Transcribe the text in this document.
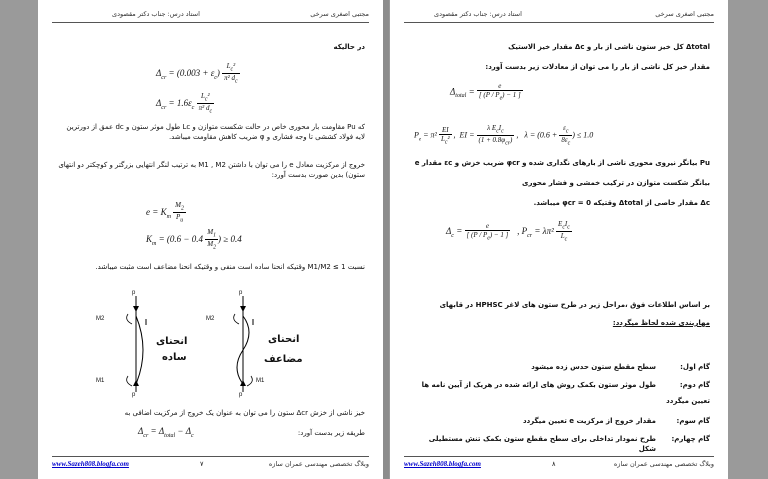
مجتبی اصغری سرخی
استاد درس: جناب دکتر مقصودی
در حالیکه
$\Delta_{cr} = (0.003 + \varepsilon_c) \frac{L_c^2}{\pi^2 d_c}$
$\Delta_{cr} = 1.6\varepsilon_c \frac{L_c^2}{\pi^2 d_c}$
که Pu مقاومت بار محوری خاص در حالت شکست متوازن و Lc طول موثر ستون و dc عمق از دورترین لایه فولاد کششی تا وجه فشاری و φ ضریب کاهش مقاومت میباشد.
خروج از مرکزیت معادل e را می توان با داشتن M1 , M2 به ترتیب لنگر انتهایی بزرگتر و کوچکتر دو انتهای ستون) بدین صورت بدست آورد:
$e = K_m \frac{M_2}{P_u}$
$K_m = (0.6 - 0.4 \frac{M_1}{M_2}$ ) ≥ 0.4
نسبت M1/M2 ≤ 1 وقتیکه انحنا ساده است منفی و وقتیکه انحنا مضاعف است مثبت میباشد.
p
p
M2
M1
انحنای
ساده
p
p
M2
M1
انحنای
مضاعف
خیز ناشی از خزش Δcr ستون را می توان به عنوان یک خروج از مرکزیت اضافی به
طریقه زیر بدست آورد:
$\Delta_{cr} = \Delta_{total} - \Delta_c$
www.Sazeh808.blogfa.com	۷	وبلاگ تخصصی مهندسی عمران سازه
مجتبی اصغری سرخی
استاد درس: جناب دکتر مقصودی
Δtotal کل خیز ستون ناشی از بار و Δc مقدار خیز الاستیک
مقدار خیز کل ناشی از بار را می توان از معادلات زیر بدست آورد:
$\Delta_{total} = \frac{e}{[ (P / P_e) - 1 ]}$
$P_e = \pi^2 \frac{EI}{L_c^2}$ ,  EI = $\frac{\lambda E_cI_c}{(1 + 0.8\varphi_{cr})}$ ,   $\lambda = (0.6 + \frac{\varepsilon_c}{8\varepsilon_c}$ ) ≤ 1.0
Pu بیانگر نیروی محوری ناشی از بارهای نگداری شده و φcr ضریب خزش و εc مقدار e
بیانگر شکست متوازن در ترکیب خمشی و فشار محوری
Δc مقدار خاصی از Δtotal وقتیکه φcr = 0 میباشد.
$\Delta_c = \frac{e}{[ (P / P_e) - 1 ]}$ , $P_{cr} = \lambda\pi^2 \frac{E_cI_c}{L_c}$
بر اساس اطلاعات فوق ،مراحل زیر در طرح ستون های لاغر HPHSC در قابهای
مهاربندی شده لحاظ میگردد:
گام اول:
سطح مقطع ستون حدس زده میشود
گام دوم:
طول موثر ستون بکمک روش های ارائه شده در هریک از آیین نامه ها
تعیین میگردد
گام سوم:
مقدار خروج از مرکزیت e تعیین میگردد
گام چهارم:
طرح نمودار تداخلی برای سطح مقطع ستون بکمک تنش مستطیلی شکل
www.Sazeh808.blogfa.com	۸	وبلاگ تخصصی مهندسی عمران سازه
